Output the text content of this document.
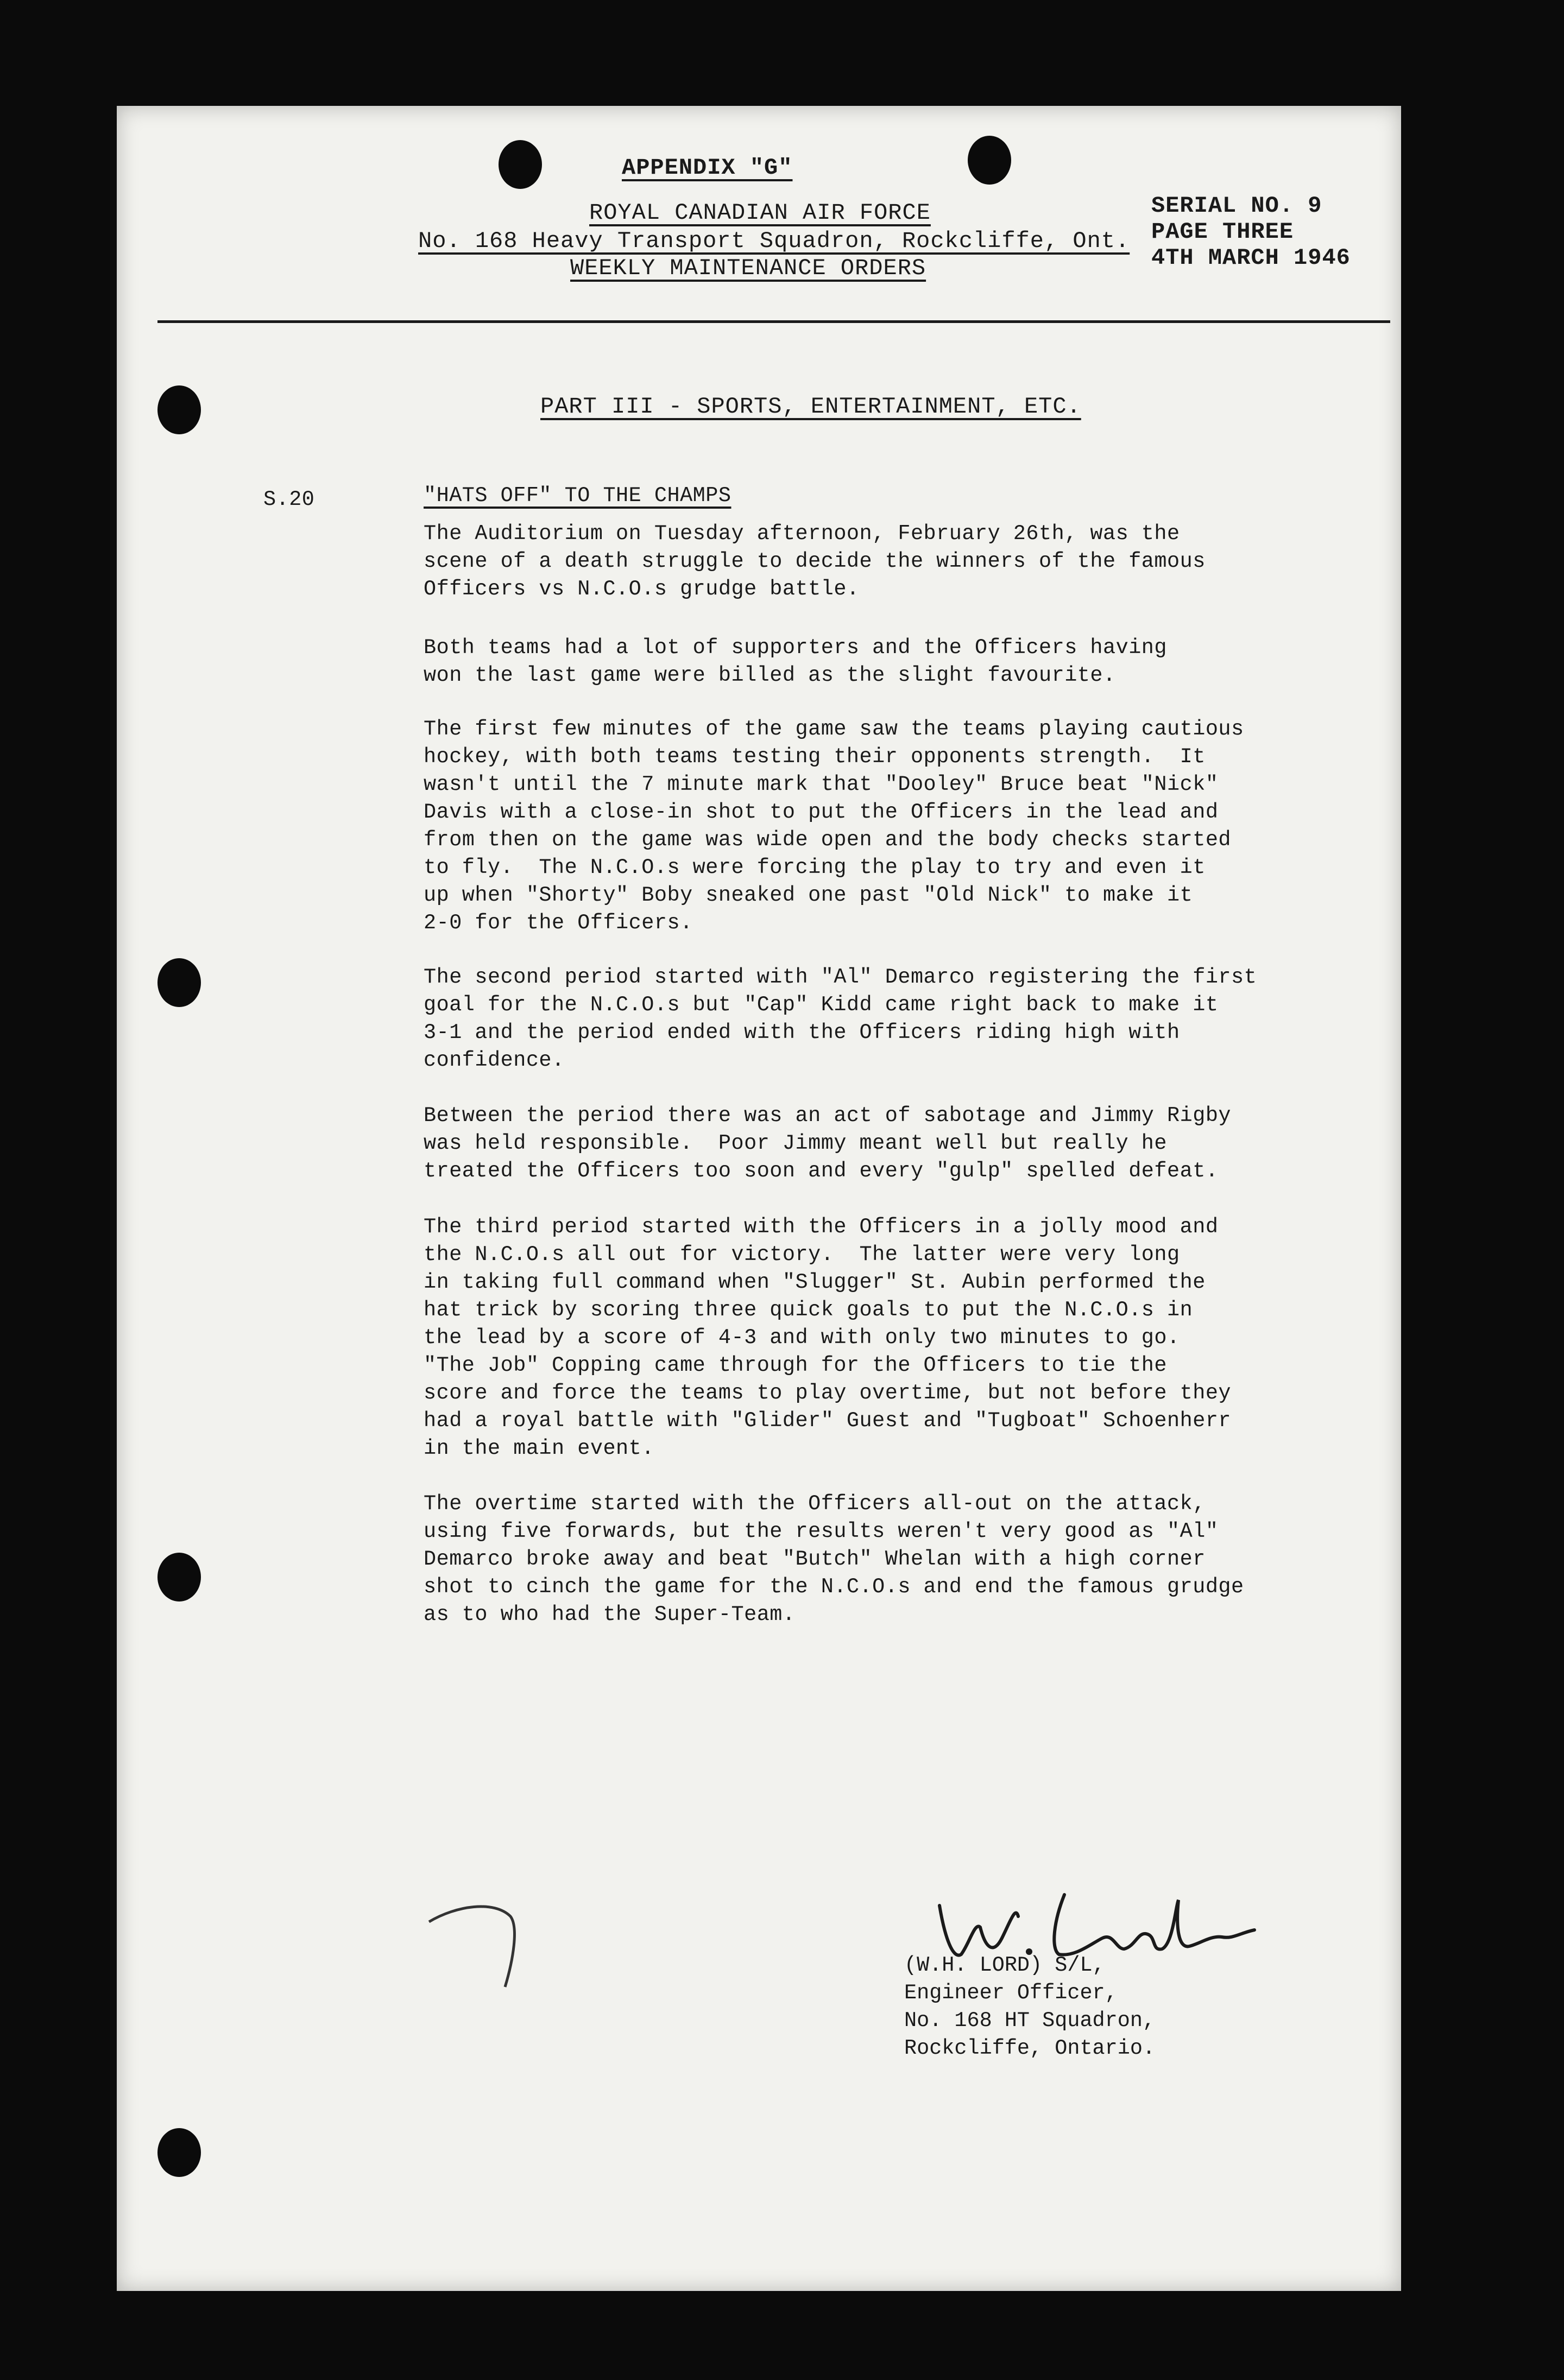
APPENDIX "G"
ROYAL CANADIAN AIR FORCE
No. 168 Heavy Transport Squadron, Rockcliffe, Ont.
WEEKLY MAINTENANCE ORDERS
SERIAL NO. 9
PAGE THREE
4TH MARCH 1946
PART III - SPORTS, ENTERTAINMENT, ETC.
S.20	"HATS OFF" TO THE CHAMPS
The Auditorium on Tuesday afternoon, February 26th, was the
scene of a death struggle to decide the winners of the famous
Officers vs N.C.O.s grudge battle.
Both teams had a lot of supporters and the Officers having
won the last game were billed as the slight favourite.
The first few minutes of the game saw the teams playing cautious
hockey, with both teams testing their opponents strength.  It
wasn't until the 7 minute mark that "Dooley" Bruce beat "Nick"
Davis with a close-in shot to put the Officers in the lead and
from then on the game was wide open and the body checks started
to fly.  The N.C.O.s were forcing the play to try and even it
up when "Shorty" Boby sneaked one past "Old Nick" to make it
2-0 for the Officers.
The second period started with "Al" Demarco registering the first
goal for the N.C.O.s but "Cap" Kidd came right back to make it
3-1 and the period ended with the Officers riding high with
confidence.
Between the period there was an act of sabotage and Jimmy Rigby
was held responsible.  Poor Jimmy meant well but really he
treated the Officers too soon and every "gulp" spelled defeat.
The third period started with the Officers in a jolly mood and
the N.C.O.s all out for victory.  The latter were very long
in taking full command when "Slugger" St. Aubin performed the
hat trick by scoring three quick goals to put the N.C.O.s in
the lead by a score of 4-3 and with only two minutes to go.
"The Job" Copping came through for the Officers to tie the
score and force the teams to play overtime, but not before they
had a royal battle with "Glider" Guest and "Tugboat" Schoenherr
in the main event.
The overtime started with the Officers all-out on the attack,
using five forwards, but the results weren't very good as "Al"
Demarco broke away and beat "Butch" Whelan with a high corner
shot to cinch the game for the N.C.O.s and end the famous grudge
as to who had the Super-Team.
(W.H. LORD) S/L,
Engineer Officer,
No. 168 HT Squadron,
Rockcliffe, Ontario.
